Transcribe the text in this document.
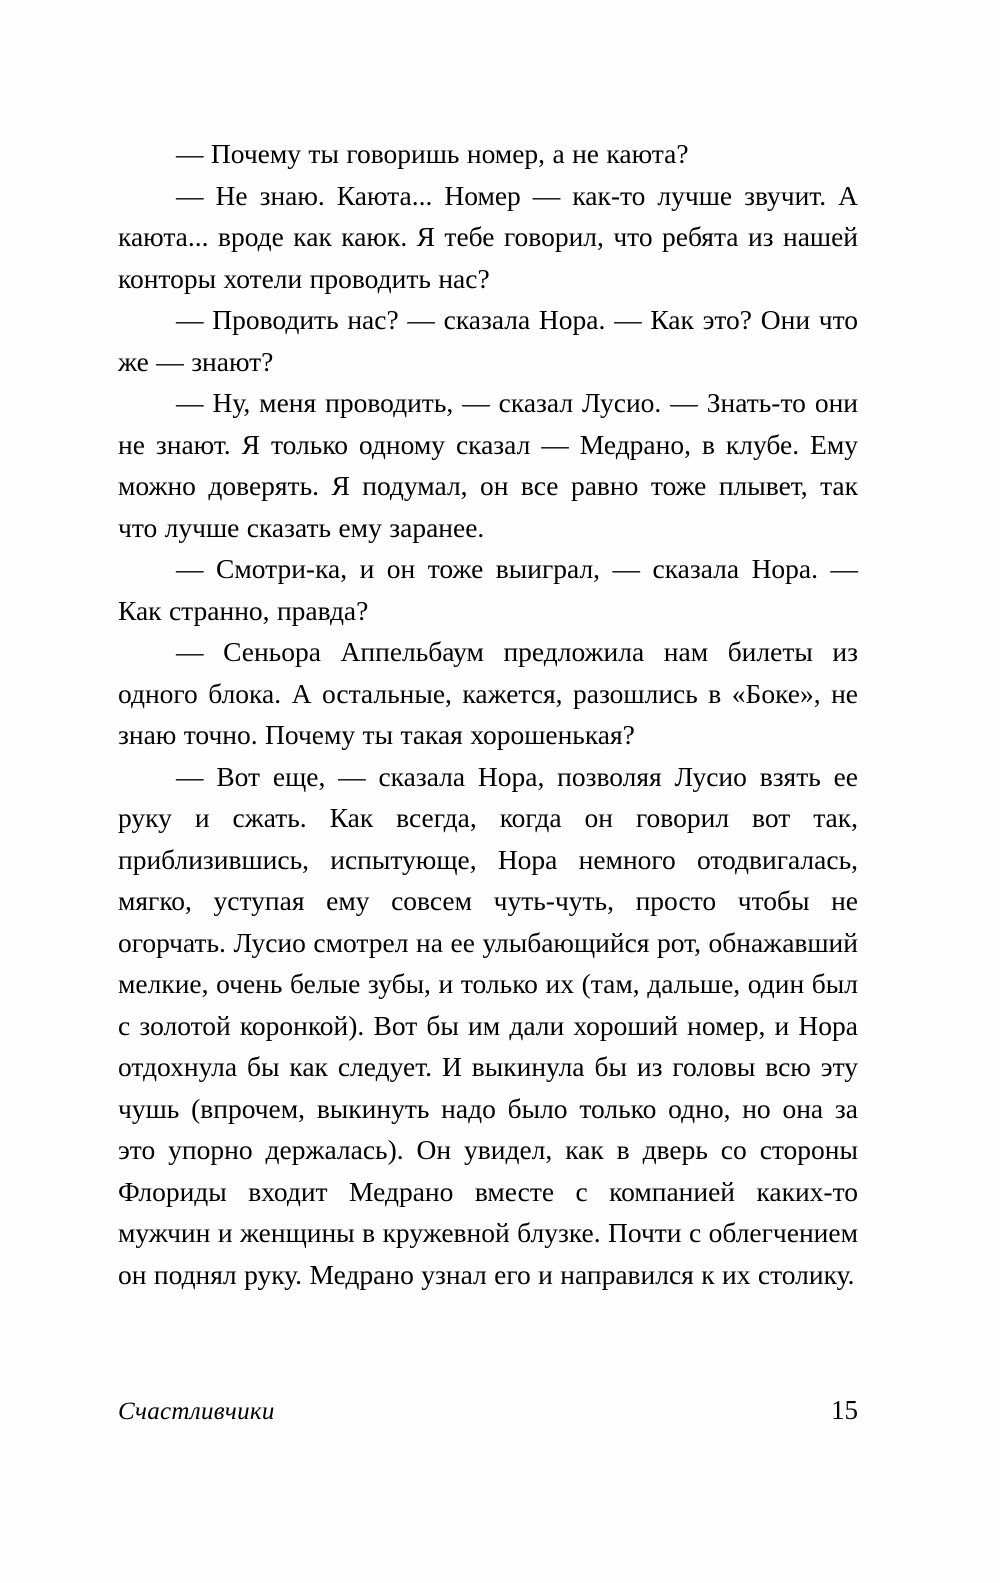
— Почему ты говоришь номер, а не каюта?

— Не знаю. Каюта... Номер — как-то лучше звучит. А каюта... вроде как каюк. Я тебе говорил, что ребята из нашей конторы хотели проводить нас?

— Проводить нас? — сказала Нора. — Как это? Они что же — знают?

— Ну, меня проводить, — сказал Лусио. — Знать-то они не знают. Я только одному сказал — Медрано, в клубе. Ему можно доверять. Я подумал, он все равно тоже плывет, так что лучше сказать ему заранее.

— Смотри-ка, и он тоже выиграл, — сказала Нора. — Как странно, правда?

— Сеньора Аппельбаум предложила нам билеты из одного блока. А остальные, кажется, разошлись в «Боке», не знаю точно. Почему ты такая хорошенькая?

— Вот еще, — сказала Нора, позволяя Лусио взять ее руку и сжать. Как всегда, когда он говорил вот так, приблизившись, испытующе, Нора немного отодвигалась, мягко, уступая ему совсем чуть-чуть, просто чтобы не огорчать. Лусио смотрел на ее улыбающийся рот, обнажавший мелкие, очень белые зубы, и только их (там, дальше, один был с золотой коронкой). Вот бы им дали хороший номер, и Нора отдохнула бы как следует. И выкинула бы из головы всю эту чушь (впрочем, выкинуть надо было только одно, но она за это упорно держалась). Он увидел, как в дверь со стороны Флориды входит Медрано вместе с компанией каких-то мужчин и женщины в кружевной блузке. Почти с облегчением он поднял руку. Медрано узнал его и направился к их столику.

Счастливчики	15
